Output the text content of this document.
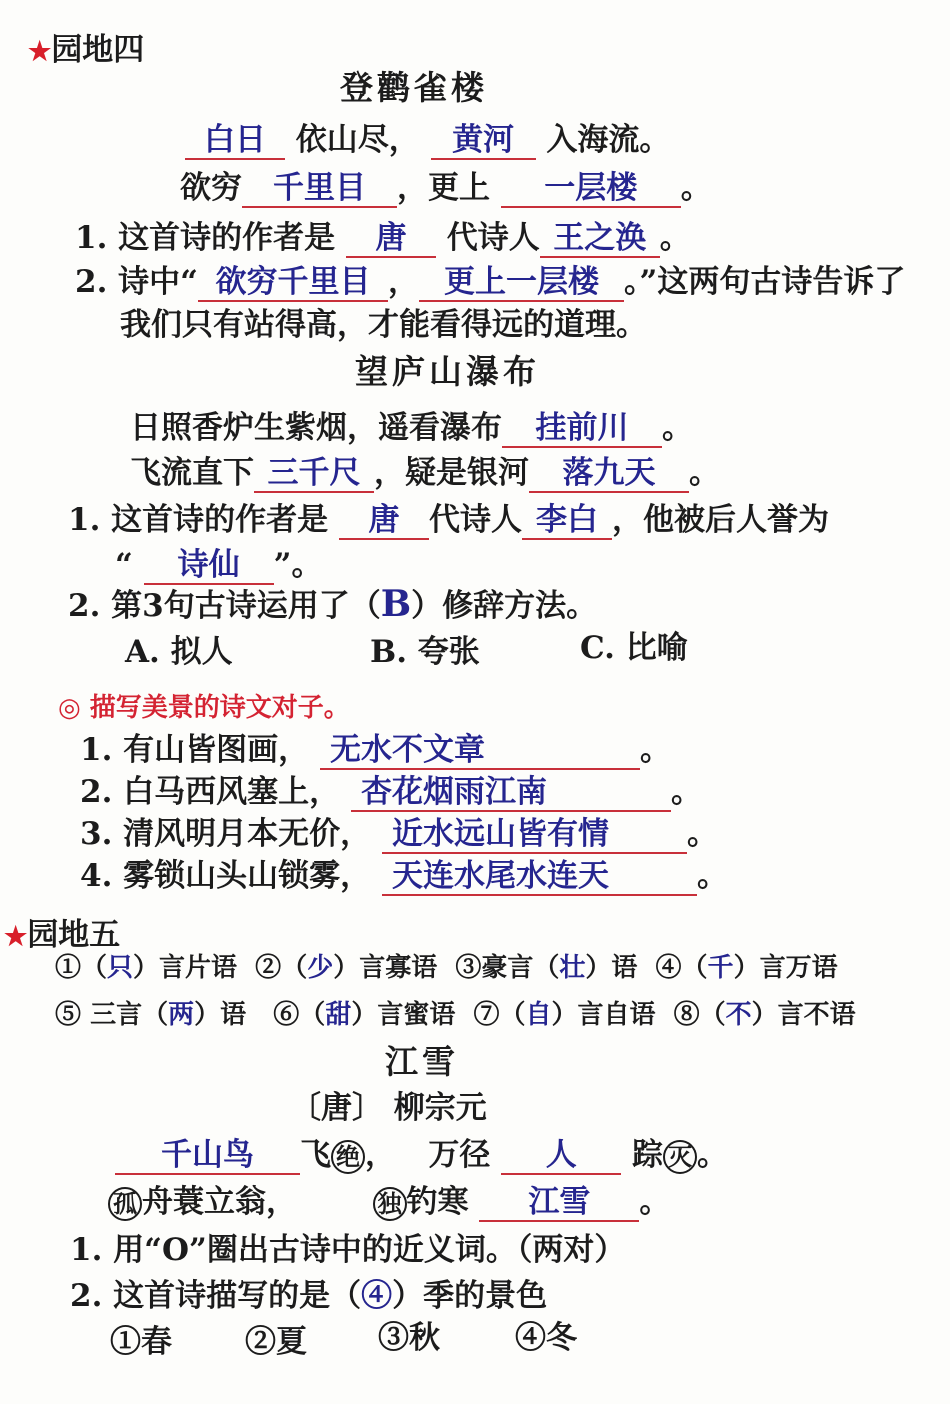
★园地四
登鹳雀楼
白日 依山尽， 黄河 入海流。
欲穷 千里目 ，更上 一层楼 。
1. 这首诗的作者是 唐 代诗人 王之涣 。
2. 诗中“ 欲穷千里目 ， 更上一层楼 。”这两句古诗告诉了
我们只有站得高，才能看得远的道理。
望庐山瀑布
日照香炉生紫烟，遥看瀑布 挂前川 。
飞流直下 三千尺 ，疑是银河 落九天 。
1. 这首诗的作者是 唐 代诗人 李白 ，他被后人誉为
“ 诗仙 ”。
2. 第3句古诗运用了（B）修辞方法。
A. 拟人	B. 夸张	C. 比喻
◎ 描写美景的诗文对子。
1. 有山皆图画， 无水不文章	。
2. 白马西风塞上， 杏花烟雨江南	。
3. 清风明月本无价， 近水远山皆有情	。
4. 雾锁山头山锁雾， 天连水尾水连天	。
★园地五
①（只）言片语 ②（少）言寡语 ③豪言（壮）语 ④（千）言万语
⑤ 三言（两）语 ⑥（甜）言蜜语 ⑦（自）言自语 ⑧（不）言不语
江雪
〔唐〕 柳宗元
千山鸟 飞 绝 ， 万径 人 踪 灭 。
孤 舟蓑立翁，	独 钓寒 江雪 。
1. 用“O”圈出古诗中的近义词。（两对）
2. 这首诗描写的是（④）季的景色
①春 ②夏 ③秋 ④冬
